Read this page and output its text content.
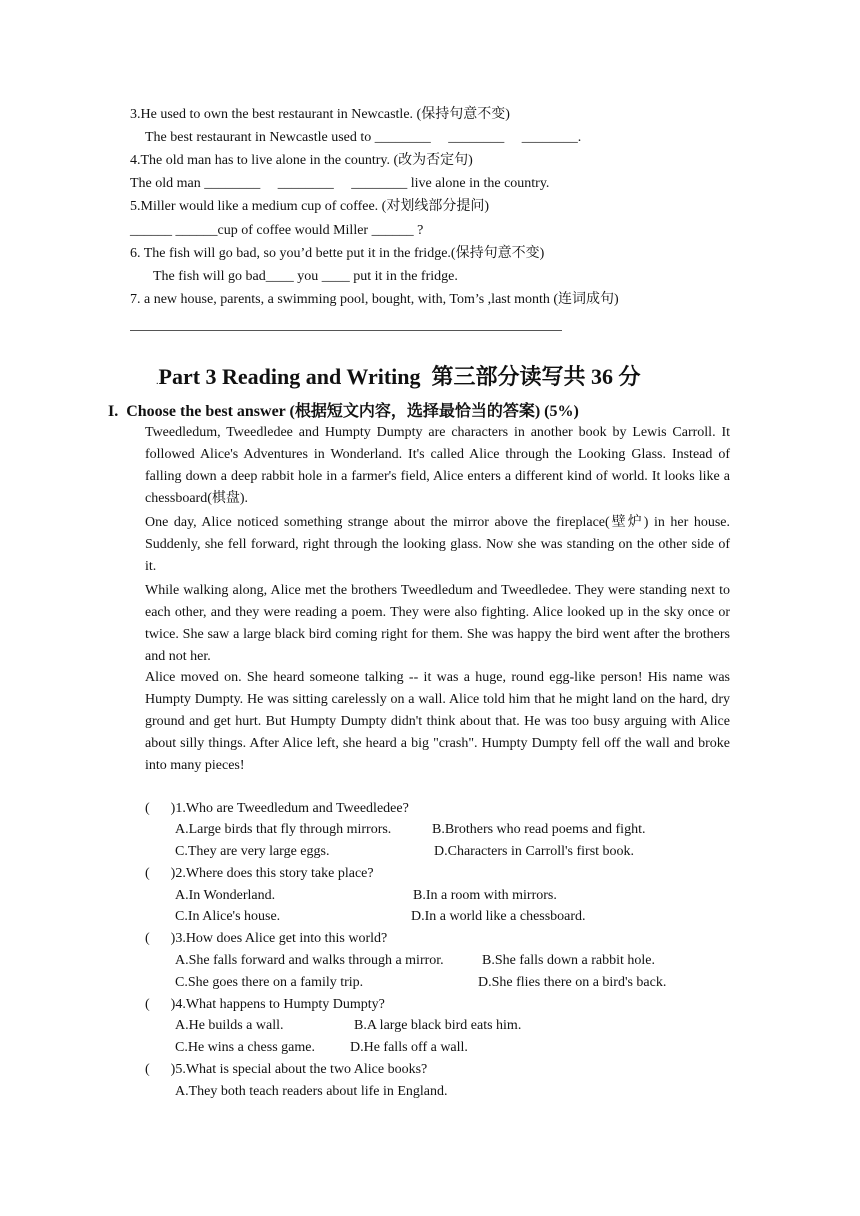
3.He used to own the best restaurant in Newcastle. (保持句意不变)
The best restaurant in Newcastle used to ________     ________     ________.
4.The old man has to live alone in the country. (改为否定句)
The old man ________     ________     ________ live alone in the country.
5.Miller would like a medium cup of coffee. (对划线部分提问)
______ ______cup of coffee would Miller ______ ?
6. The fish will go bad, so you’d bette put it in the fridge.(保持句意不变)
The fish will go bad____ you ____ put it in the fridge.
7. a new house, parents, a swimming pool, bought, with, Tom’s ,last month (连词成句)
.Part 3 Reading and Writing  第三部分读写共 36 分
I.  Choose the best answer (根据短文内容，选择最恰当的答案) (5%)

Tweedledum, Tweedledee and Humpty Dumpty are characters in another book by Lewis Carroll. It followed Alice's Adventures in Wonderland. It's called Alice through the Looking Glass. Instead of falling down a deep rabbit hole in a farmer's field, Alice enters a different kind of world. It looks like a chessboard(棋盘).

One day, Alice noticed something strange about the mirror above the fireplace(壁炉) in her house. Suddenly, she fell forward, right through the looking glass. Now she was standing on the other side of it.

While walking along, Alice met the brothers Tweedledum and Tweedledee. They were standing next to each other, and they were reading a poem. They were also fighting. Alice looked up in the sky once or twice. She saw a large black bird coming right for them. She was happy the bird went after the brothers and not her.

Alice moved on. She heard someone talking -- it was a huge, round egg-like person! His name was Humpty Dumpty. He was sitting carelessly on a wall. Alice told him that he might land on the hard, dry ground and get hurt. But Humpty Dumpty didn't think about that. He was too busy arguing with Alice about silly things. After Alice left, she heard a big "crash". Humpty Dumpty fell off the wall and broke into many pieces!

(      )1.Who are Tweedledum and Tweedledee?
A.Large birds that fly through mirrors.	B.Brothers who read poems and fight.
C.They are very large eggs.	D.Characters in Carroll's first book.
(      )2.Where does this story take place?
A.In Wonderland.	B.In a room with mirrors.
C.In Alice's house.	D.In a world like a chessboard.
(      )3.How does Alice get into this world?
A.She falls forward and walks through a mirror.	B.She falls down a rabbit hole.
C.She goes there on a family trip.	D.She flies there on a bird's back.
(      )4.What happens to Humpty Dumpty?
A.He builds a wall.	B.A large black bird eats him.
C.He wins a chess game.	D.He falls off a wall.
(      )5.What is special about the two Alice books?
A.They both teach readers about life in England.
